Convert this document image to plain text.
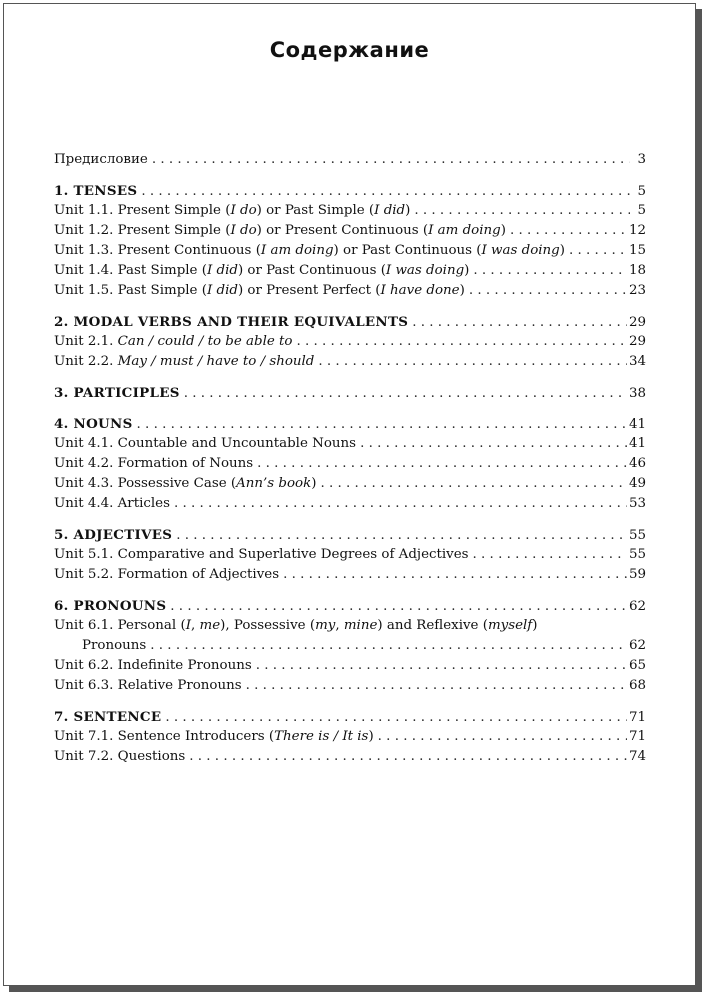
Содержание
Предисловие . . .	3
1. TENSES . . .	5
Unit 1.1. Present Simple (I do) or Past Simple (I did) . . .	5
Unit 1.2. Present Simple (I do) or Present Continuous (I am doing) . . .	12
Unit 1.3. Present Continuous (I am doing) or Past Continuous (I was doing) . . .	15
Unit 1.4. Past Simple (I did) or Past Continuous (I was doing) . . .	18
Unit 1.5. Past Simple (I did) or Present Perfect (I have done) . . .	23
2. MODAL VERBS AND THEIR EQUIVALENTS . . .	29
Unit 2.1. Can / could / to be able to . . .	29
Unit 2.2. May / must / have to / should . . .	34
3. PARTICIPLES . . .	38
4. NOUNS . . .	41
Unit 4.1. Countable and Uncountable Nouns . . .	41
Unit 4.2. Formation of Nouns . . .	46
Unit 4.3. Possessive Case (Ann’s book) . . .	49
Unit 4.4. Articles . . .	53
5. ADJECTIVES . . .	55
Unit 5.1. Comparative and Superlative Degrees of Adjectives . . .	55
Unit 5.2. Formation of Adjectives . . .	59
6. PRONOUNS . . .	62
Unit 6.1. Personal (I, me), Possessive (my, mine) and Reflexive (myself)
Pronouns . . .	62
Unit 6.2. Indefinite Pronouns . . .	65
Unit 6.3. Relative Pronouns . . .	68
7. SENTENCE . . .	71
Unit 7.1. Sentence Introducers (There is / It is) . . .	71
Unit 7.2. Questions . . .	74
